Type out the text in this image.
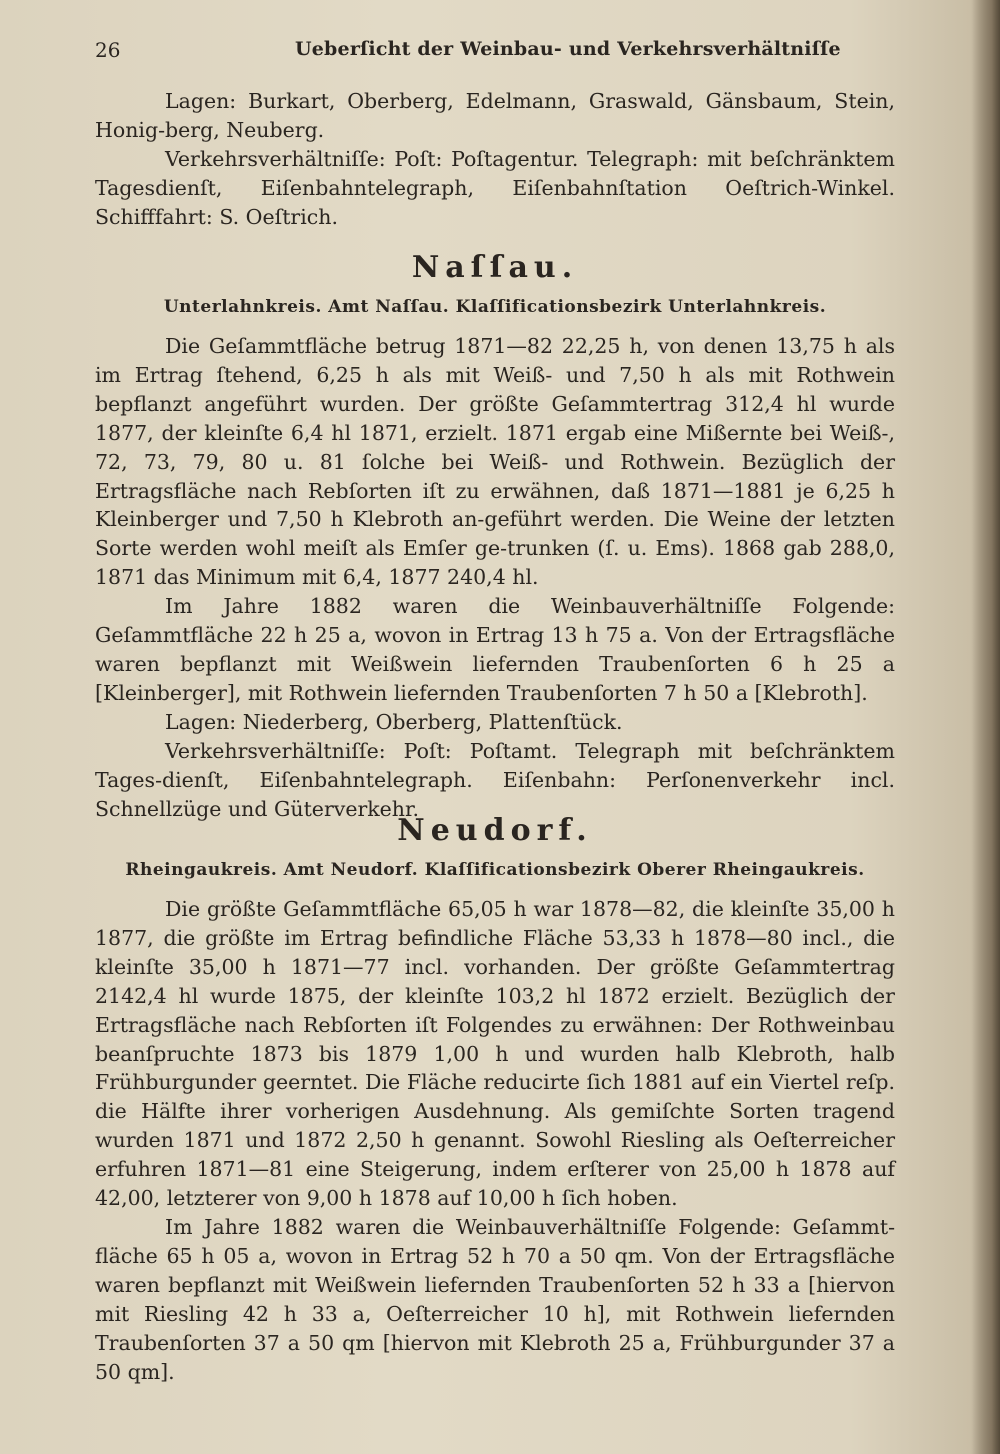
26	Ueberſicht der Weinbau- und Verkehrsverhältniſſe

Lagen: Burkart, Oberberg, Edelmann, Graswald, Gänsbaum, Stein, Honig-berg, Neuberg.

Verkehrsverhältniſſe: Poſt: Poſtagentur. Telegraph: mit beſchränktem Tagesdienſt, Eiſenbahntelegraph, Eiſenbahnſtation Oeſtrich-Winkel. Schifffahrt: S. Oeſtrich.

Naſſau.
Unterlahnkreis. Amt Naſſau. Klaſſificationsbezirk Unterlahnkreis.

Die Geſammtfläche betrug 1871—82 22,25 h, von denen 13,75 h als im Ertrag ſtehend, 6,25 h als mit Weiß- und 7,50 h als mit Rothwein bepflanzt angeführt wurden. Der größte Geſammtertrag 312,4 hl wurde 1877, der kleinſte 6,4 hl 1871, erzielt. 1871 ergab eine Mißernte bei Weiß-, 72, 73, 79, 80 u. 81 ſolche bei Weiß- und Rothwein. Bezüglich der Ertragsfläche nach Rebſorten iſt zu erwähnen, daß 1871—1881 je 6,25 h Kleinberger und 7,50 h Klebroth an-geführt werden. Die Weine der letzten Sorte werden wohl meiſt als Emſer ge-trunken (ſ. u. Ems). 1868 gab 288,0, 1871 das Minimum mit 6,4, 1877 240,4 hl.

Im Jahre 1882 waren die Weinbauverhältniſſe Folgende: Geſammtfläche 22 h 25 a, wovon in Ertrag 13 h 75 a. Von der Ertragsfläche waren bepflanzt mit Weißwein liefernden Traubenſorten 6 h 25 a [Kleinberger], mit Rothwein liefernden Traubenſorten 7 h 50 a [Klebroth].

Lagen: Niederberg, Oberberg, Plattenſtück.

Verkehrsverhältniſſe: Poſt: Poſtamt. Telegraph mit beſchränktem Tages-dienſt, Eiſenbahntelegraph. Eiſenbahn: Perſonenverkehr incl. Schnellzüge und Güterverkehr.

Neudorf.
Rheingaukreis. Amt Neudorf. Klaſſificationsbezirk Oberer Rheingaukreis.

Die größte Geſammtfläche 65,05 h war 1878—82, die kleinſte 35,00 h 1877, die größte im Ertrag befindliche Fläche 53,33 h 1878—80 incl., die kleinſte 35,00 h 1871—77 incl. vorhanden. Der größte Geſammtertrag 2142,4 hl wurde 1875, der kleinſte 103,2 hl 1872 erzielt. Bezüglich der Ertragsfläche nach Rebſorten iſt Folgendes zu erwähnen: Der Rothweinbau beanſpruchte 1873 bis 1879 1,00 h und wurden halb Klebroth, halb Frühburgunder geerntet. Die Fläche reducirte ſich 1881 auf ein Viertel reſp. die Hälfte ihrer vorherigen Ausdehnung. Als gemiſchte Sorten tragend wurden 1871 und 1872 2,50 h genannt. Sowohl Riesling als Oeſterreicher erfuhren 1871—81 eine Steigerung, indem erſterer von 25,00 h 1878 auf 42,00, letzterer von 9,00 h 1878 auf 10,00 h ſich hoben.

Im Jahre 1882 waren die Weinbauverhältniſſe Folgende: Geſammt-fläche 65 h 05 a, wovon in Ertrag 52 h 70 a 50 qm. Von der Ertragsfläche waren bepflanzt mit Weißwein liefernden Traubenſorten 52 h 33 a [hiervon mit Riesling 42 h 33 a, Oeſterreicher 10 h], mit Rothwein liefernden Traubenſorten 37 a 50 qm [hiervon mit Klebroth 25 a, Frühburgunder 37 a 50 qm].
